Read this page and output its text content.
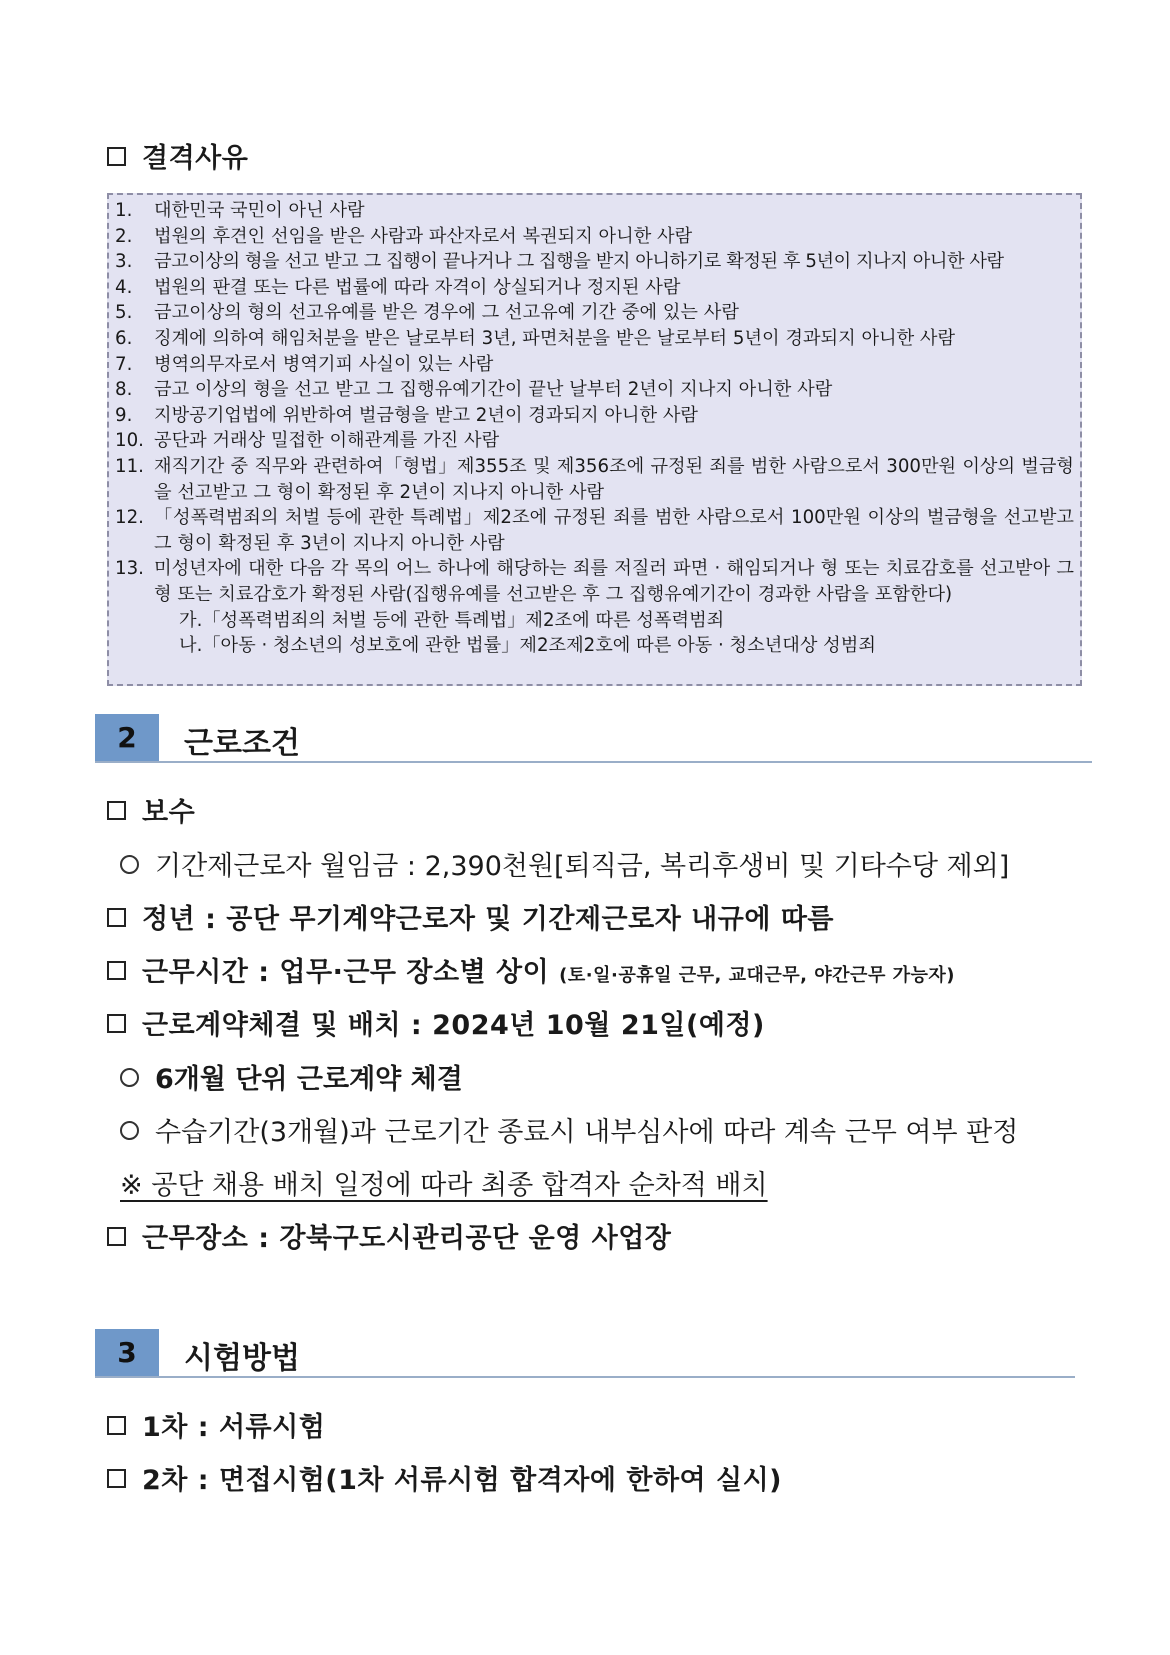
결격사유
1. 대한민국 국민이 아닌 사람
2. 법원의 후견인 선임을 받은 사람과 파산자로서 복권되지 아니한 사람
3. 금고이상의 형을 선고 받고 그 집행이 끝나거나 그 집행을 받지 아니하기로 확정된 후 5년이 지나지 아니한 사람
4. 법원의 판결 또는 다른 법률에 따라 자격이 상실되거나 정지된 사람
5. 금고이상의 형의 선고유예를 받은 경우에 그 선고유예 기간 중에 있는 사람
6. 징계에 의하여 해임처분을 받은 날로부터 3년, 파면처분을 받은 날로부터 5년이 경과되지 아니한 사람
7. 병역의무자로서 병역기피 사실이 있는 사람
8. 금고 이상의 형을 선고 받고 그 집행유예기간이 끝난 날부터 2년이 지나지 아니한 사람
9. 지방공기업법에 위반하여 벌금형을 받고 2년이 경과되지 아니한 사람
10. 공단과 거래상 밀접한 이해관계를 가진 사람
11. 재직기간 중 직무와 관련하여「형법」제355조 및 제356조에 규정된 죄를 범한 사람으로서 300만원 이상의 벌금형을 선고받고 그 형이 확정된 후 2년이 지나지 아니한 사람
12. 「성폭력범죄의 처벌 등에 관한 특례법」제2조에 규정된 죄를 범한 사람으로서 100만원 이상의 벌금형을 선고받고 그 형이 확정된 후 3년이 지나지 아니한 사람
13. 미성년자에 대한 다음 각 목의 어느 하나에 해당하는 죄를 저질러 파면 · 해임되거나 형 또는 치료감호를 선고받아 그 형 또는 치료감호가 확정된 사람(집행유예를 선고받은 후 그 집행유예기간이 경과한 사람을 포함한다)
가.「성폭력범죄의 처벌 등에 관한 특례법」제2조에 따른 성폭력범죄
나.「아동 · 청소년의 성보호에 관한 법률」제2조제2호에 따른 아동 · 청소년대상 성범죄
2	근로조건
보수
기간제근로자 월임금 : 2,390천원[퇴직금, 복리후생비 및 기타수당 제외]
정년 : 공단 무기계약근로자 및 기간제근로자 내규에 따름
근무시간 : 업무·근무 장소별 상이 (토·일·공휴일 근무, 교대근무, 야간근무 가능자)
근로계약체결 및 배치 : 2024년 10월 21일(예정)
6개월 단위 근로계약 체결
수습기간(3개월)과 근로기간 종료시 내부심사에 따라 계속 근무 여부 판정
※ 공단 채용 배치 일정에 따라 최종 합격자 순차적 배치
근무장소 : 강북구도시관리공단 운영 사업장
3	시험방법
1차 : 서류시험
2차 : 면접시험(1차 서류시험 합격자에 한하여 실시)
